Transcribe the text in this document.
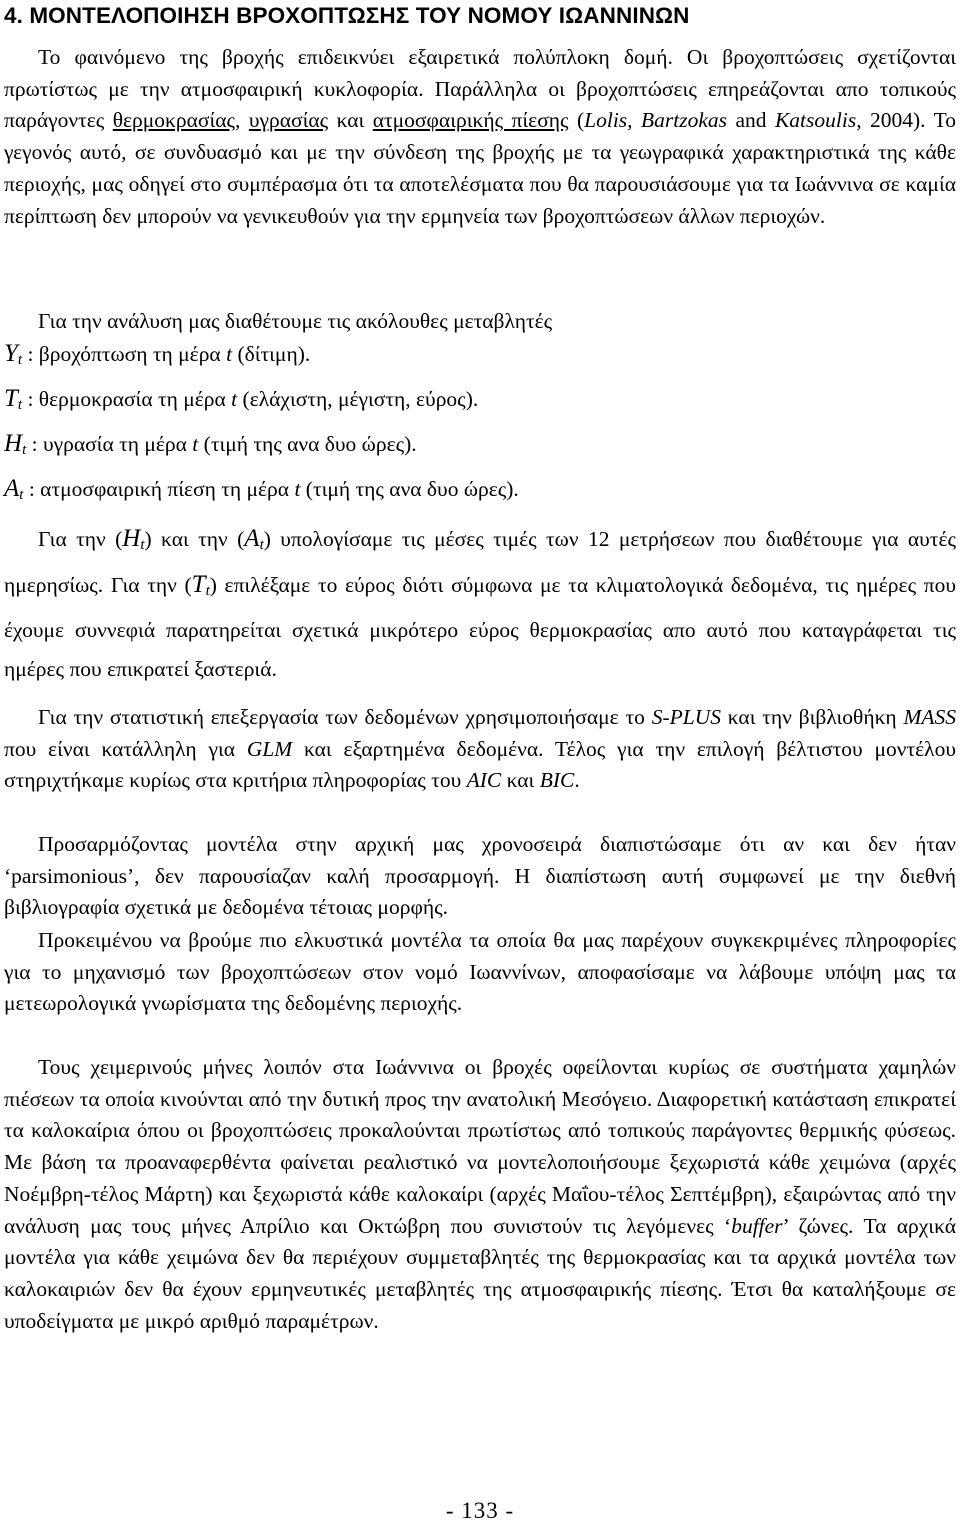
4. ΜΟΝΤΕΛΟΠΟΙΗΣΗ ΒΡΟΧΟΠΤΩΣΗΣ ΤΟΥ ΝΟΜΟΥ ΙΩΑΝΝΙΝΩΝ

Το φαινόμενο της βροχής επιδεικνύει εξαιρετικά πολύπλοκη δομή. Οι βροχοπτώσεις σχετίζονται πρωτίστως με την ατμοσφαιρική κυκλοφορία. Παράλληλα οι βροχοπτώσεις επηρεάζονται απο τοπικούς παράγοντες θερμοκρασίας, υγρασίας και ατμοσφαιρικής πίεσης (Lolis, Bartzokas and Katsoulis, 2004). Το γεγονός αυτό, σε συνδυασμό και με την σύνδεση της βροχής με τα γεωγραφικά χαρακτηριστικά της κάθε περιοχής, μας οδηγεί στο συμπέρασμα ότι τα αποτελέσματα που θα παρουσιάσουμε για τα Ιωάννινα σε καμία περίπτωση δεν μπορούν να γενικευθούν για την ερμηνεία των βροχοπτώσεων άλλων περιοχών.

Για την ανάλυση μας διαθέτουμε τις ακόλουθες μεταβλητές

$Y_t$ : βροχόπτωση τη μέρα t (δίτιμη).
$T_t$ : θερμοκρασία τη μέρα t (ελάχιστη, μέγιστη, εύρος).
$H_t$ : υγρασία τη μέρα t (τιμή της ανα δυο ώρες).
$A_t$ : ατμοσφαιρική πίεση τη μέρα t (τιμή της ανα δυο ώρες).

Για την $(H_t)$ και την $(A_t)$ υπολογίσαμε τις μέσες τιμές των 12 μετρήσεων που διαθέτουμε για αυτές ημερησίως. Για την $(T_t)$ επιλέξαμε το εύρος διότι σύμφωνα με τα κλιματολογικά δεδομένα, τις ημέρες που έχουμε συννεφιά παρατηρείται σχετικά μικρότερο εύρος θερμοκρασίας απο αυτό που καταγράφεται τις ημέρες που επικρατεί ξαστεριά.

Για την στατιστική επεξεργασία των δεδομένων χρησιμοποιήσαμε το S-PLUS και την βιβλιοθήκη MASS που είναι κατάλληλη για GLM και εξαρτημένα δεδομένα. Τέλος για την επιλογή βέλτιστου μοντέλου στηριχτήκαμε κυρίως στα κριτήρια πληροφορίας του AIC και BIC.

Προσαρμόζοντας μοντέλα στην αρχική μας χρονοσειρά διαπιστώσαμε ότι αν και δεν ήταν ‘parsimonious’, δεν παρουσίαζαν καλή προσαρμογή. Η διαπίστωση αυτή συμφωνεί με την διεθνή βιβλιογραφία σχετικά με δεδομένα τέτοιας μορφής.

Προκειμένου να βρούμε πιο ελκυστικά μοντέλα τα οποία θα μας παρέχουν συγκεκριμένες πληροφορίες για το μηχανισμό των βροχοπτώσεων στον νομό Ιωαννίνων, αποφασίσαμε να λάβουμε υπόψη μας τα μετεωρολογικά γνωρίσματα της δεδομένης περιοχής.

Τους χειμερινούς μήνες λοιπόν στα Ιωάννινα οι βροχές οφείλονται κυρίως σε συστήματα χαμηλών πιέσεων τα οποία κινούνται από την δυτική προς την ανατολική Μεσόγειο. Διαφορετική κατάσταση επικρατεί τα καλοκαίρια όπου οι βροχοπτώσεις προκαλούνται πρωτίστως από τοπικούς παράγοντες θερμικής φύσεως. Με βάση τα προαναφερθέντα φαίνεται ρεαλιστικό να μοντελοποιήσουμε ξεχωριστά κάθε χειμώνα (αρχές Νοέμβρη-τέλος Μάρτη) και ξεχωριστά κάθε καλοκαίρι (αρχές Μαΐου-τέλος Σεπτέμβρη), εξαιρώντας από την ανάλυση μας τους μήνες Απρίλιο και Οκτώβρη που συνιστούν τις λεγόμενες ‘buffer’ ζώνες. Τα αρχικά μοντέλα για κάθε χειμώνα δεν θα περιέχουν συμμεταβλητές της θερμοκρασίας και τα αρχικά μοντέλα των καλοκαιριών δεν θα έχουν ερμηνευτικές μεταβλητές της ατμοσφαιρικής πίεσης. Έτσι θα καταλήξουμε σε υποδείγματα με μικρό αριθμό παραμέτρων.

- 133 -
